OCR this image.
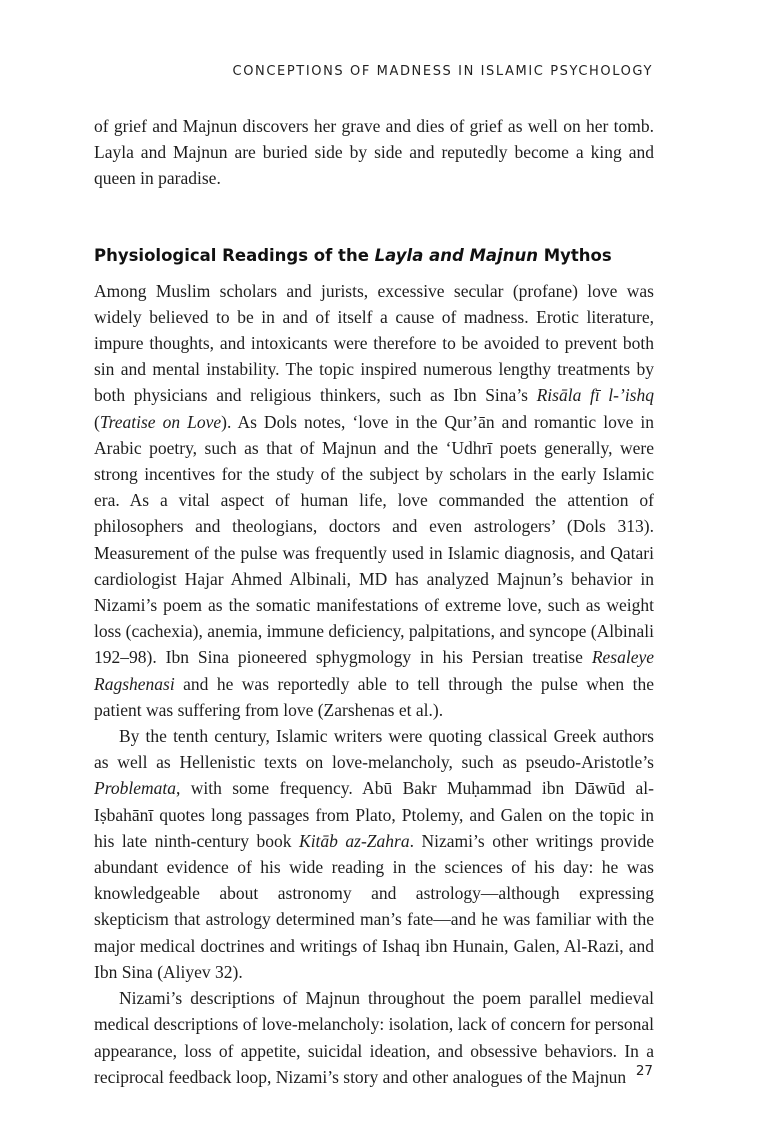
CONCEPTIONS OF MADNESS IN ISLAMIC PSYCHOLOGY

of grief and Majnun discovers her grave and dies of grief as well on her tomb. Layla and Majnun are buried side by side and reputedly become a king and queen in paradise.

Physiological Readings of the Layla and Majnun Mythos

Among Muslim scholars and jurists, excessive secular (profane) love was widely believed to be in and of itself a cause of madness. Erotic literature, impure thoughts, and intoxicants were therefore to be avoided to prevent both sin and mental instability. The topic inspired numerous lengthy treatments by both physicians and religious thinkers, such as Ibn Sina’s Risāla fī l-’ishq (Treatise on Love). As Dols notes, ‘love in the Qur’ān and romantic love in Arabic poetry, such as that of Majnun and the ‘Udhrī poets generally, were strong incentives for the study of the subject by scholars in the early Islamic era. As a vital aspect of human life, love commanded the attention of philosophers and theologians, doctors and even astrologers’ (Dols 313). Measurement of the pulse was frequently used in Islamic diagnosis, and Qatari cardiologist Hajar Ahmed Albinali, MD has analyzed Majnun’s behavior in Nizami’s poem as the somatic manifestations of extreme love, such as weight loss (cachexia), anemia, immune deficiency, palpitations, and syncope (Albinali 192–98). Ibn Sina pioneered sphygmology in his Persian treatise Resaleye Ragshenasi and he was reportedly able to tell through the pulse when the patient was suffering from love (Zarshenas et al.).

By the tenth century, Islamic writers were quoting classical Greek authors as well as Hellenistic texts on love-melancholy, such as pseudo-Aristotle’s Problemata, with some frequency. Abū Bakr Muḥammad ibn Dāwūd al-Iṣbahānī quotes long passages from Plato, Ptolemy, and Galen on the topic in his late ninth-century book Kitāb az-Zahra. Nizami’s other writings provide abundant evidence of his wide reading in the sciences of his day: he was knowledgeable about astronomy and astrology—although expressing skepticism that astrology determined man’s fate—and he was familiar with the major medical doctrines and writings of Ishaq ibn Hunain, Galen, Al-Razi, and Ibn Sina (Aliyev 32).

Nizami’s descriptions of Majnun throughout the poem parallel medieval medical descriptions of love-melancholy: isolation, lack of concern for personal appearance, loss of appetite, suicidal ideation, and obsessive behaviors. In a reciprocal feedback loop, Nizami’s story and other analogues of the Majnun 27
